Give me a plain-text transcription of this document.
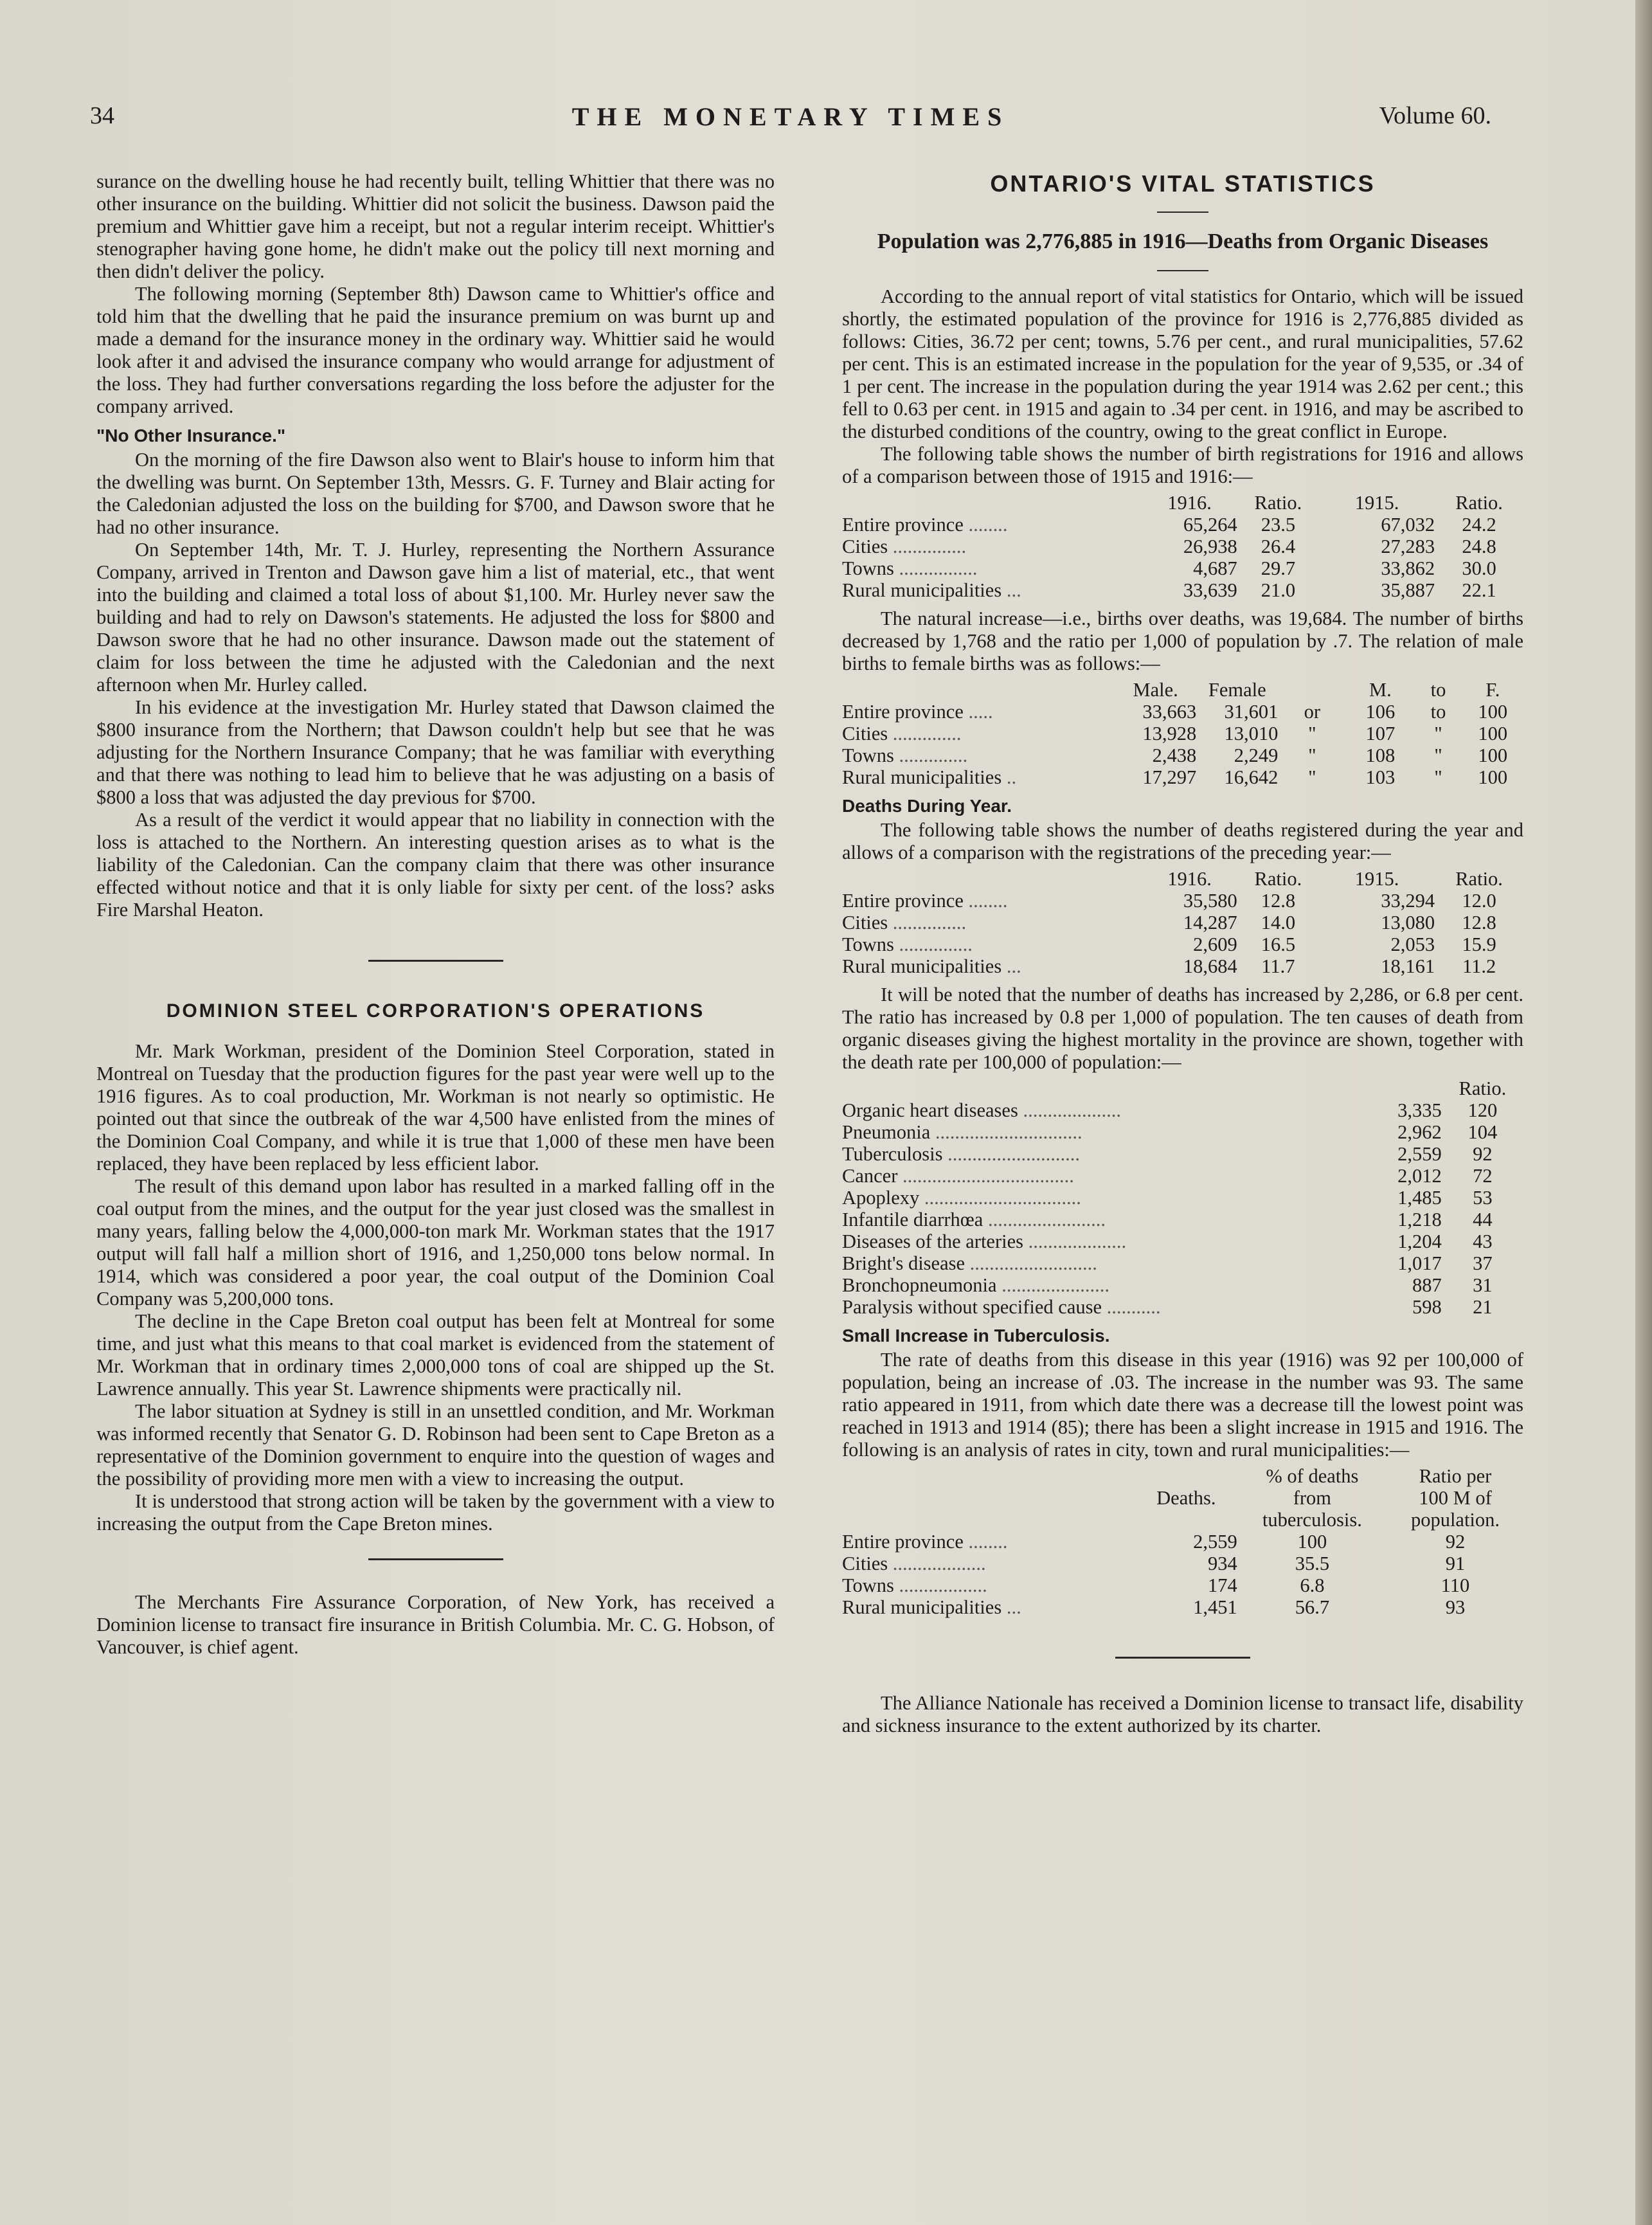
34	THE MONETARY TIMES	Volume 60.

surance on the dwelling house he had recently built, telling Whittier that there was no other insurance on the building. Whittier did not solicit the business. Dawson paid the premium and Whittier gave him a receipt, but not a regular interim receipt. Whittier's stenographer having gone home, he didn't make out the policy till next morning and then didn't deliver the policy.

The following morning (September 8th) Dawson came to Whittier's office and told him that the dwelling that he paid the insurance premium on was burnt up and made a demand for the insurance money in the ordinary way. Whittier said he would look after it and advised the insurance company who would arrange for adjustment of the loss. They had further conversations regarding the loss before the adjuster for the company arrived.

"No Other Insurance."

On the morning of the fire Dawson also went to Blair's house to inform him that the dwelling was burnt. On September 13th, Messrs. G. F. Turney and Blair acting for the Caledonian adjusted the loss on the building for $700, and Dawson swore that he had no other insurance.

On September 14th, Mr. T. J. Hurley, representing the Northern Assurance Company, arrived in Trenton and Dawson gave him a list of material, etc., that went into the building and claimed a total loss of about $1,100. Mr. Hurley never saw the building and had to rely on Dawson's statements. He adjusted the loss for $800 and Dawson swore that he had no other insurance. Dawson made out the statement of claim for loss between the time he adjusted with the Caledonian and the next afternoon when Mr. Hurley called.

In his evidence at the investigation Mr. Hurley stated that Dawson claimed the $800 insurance from the Northern; that Dawson couldn't help but see that he was adjusting for the Northern Insurance Company; that he was familiar with everything and that there was nothing to lead him to believe that he was adjusting on a basis of $800 a loss that was adjusted the day previous for $700.

As a result of the verdict it would appear that no liability in connection with the loss is attached to the Northern. An interesting question arises as to what is the liability of the Caledonian. Can the company claim that there was other insurance effected without notice and that it is only liable for sixty per cent. of the loss? asks Fire Marshal Heaton.

DOMINION STEEL CORPORATION'S OPERATIONS

Mr. Mark Workman, president of the Dominion Steel Corporation, stated in Montreal on Tuesday that the production figures for the past year were well up to the 1916 figures. As to coal production, Mr. Workman is not nearly so optimistic. He pointed out that since the outbreak of the war 4,500 have enlisted from the mines of the Dominion Coal Company, and while it is true that 1,000 of these men have been replaced, they have been replaced by less efficient labor.

The result of this demand upon labor has resulted in a marked falling off in the coal output from the mines, and the output for the year just closed was the smallest in many years, falling below the 4,000,000-ton mark Mr. Workman states that the 1917 output will fall half a million short of 1916, and 1,250,000 tons below normal. In 1914, which was considered a poor year, the coal output of the Dominion Coal Company was 5,200,000 tons.

The decline in the Cape Breton coal output has been felt at Montreal for some time, and just what this means to that coal market is evidenced from the statement of Mr. Workman that in ordinary times 2,000,000 tons of coal are shipped up the St. Lawrence annually. This year St. Lawrence shipments were practically nil.

The labor situation at Sydney is still in an unsettled condition, and Mr. Workman was informed recently that Senator G. D. Robinson had been sent to Cape Breton as a representative of the Dominion government to enquire into the question of wages and the possibility of providing more men with a view to increasing the output.

It is understood that strong action will be taken by the government with a view to increasing the output from the Cape Breton mines.

The Merchants Fire Assurance Corporation, of New York, has received a Dominion license to transact fire insurance in British Columbia. Mr. C. G. Hobson, of Vancouver, is chief agent.

ONTARIO'S VITAL STATISTICS
Population was 2,776,885 in 1916—Deaths from Organic Diseases

According to the annual report of vital statistics for Ontario, which will be issued shortly, the estimated population of the province for 1916 is 2,776,885 divided as follows: Cities, 36.72 per cent; towns, 5.76 per cent., and rural municipalities, 57.62 per cent. This is an estimated increase in the population for the year of 9,535, or .34 of 1 per cent. The increase in the population during the year 1914 was 2.62 per cent.; this fell to 0.63 per cent. in 1915 and again to .34 per cent. in 1916, and may be ascribed to the disturbed conditions of the country, owing to the great conflict in Europe.

The following table shows the number of birth registrations for 1916 and allows of a comparison between those of 1915 and 1916:—

	1916.	Ratio.	1915.	Ratio.
Entire province ........	65,264	23.5	67,032	24.2
Cities ...............	26,938	26.4	27,283	24.8
Towns ................	4,687	29.7	33,862	30.0
Rural municipalities ...	33,639	21.0	35,887	22.1

The natural increase—i.e., births over deaths, was 19,684. The number of births decreased by 1,768 and the ratio per 1,000 of population by .7. The relation of male births to female births was as follows:—

	Male.	Female		M.	to	F.
Entire province .....	33,663	31,601	or	106	to	100
Cities ..............	13,928	13,010	"	107	"	100
Towns ..............	2,438	2,249	"	108	"	100
Rural municipalities ..	17,297	16,642	"	103	"	100
Deaths During Year.

The following table shows the number of deaths registered during the year and allows of a comparison with the registrations of the preceding year:—

	1916.	Ratio.	1915.	Ratio.
Entire province ........	35,580	12.8	33,294	12.0
Cities ...............	14,287	14.0	13,080	12.8
Towns ...............	2,609	16.5	2,053	15.9
Rural municipalities ...	18,684	11.7	18,161	11.2

It will be noted that the number of deaths has increased by 2,286, or 6.8 per cent. The ratio has increased by 0.8 per 1,000 of population. The ten causes of death from organic diseases giving the highest mortality in the province are shown, together with the death rate per 100,000 of population:—

		Ratio.
Organic heart diseases ....................	3,335	120
Pneumonia ..............................	2,962	104
Tuberculosis ...........................	2,559	92
Cancer ...................................	2,012	72
Apoplexy ................................	1,485	53
Infantile diarrhœa ........................	1,218	44
Diseases of the arteries ....................	1,204	43
Bright's disease ..........................	1,017	37
Bronchopneumonia ......................	887	31
Paralysis without specified cause ...........	598	21
Small Increase in Tuberculosis.

The rate of deaths from this disease in this year (1916) was 92 per 100,000 of population, being an increase of .03. The increase in the number was 93. The same ratio appeared in 1911, from which date there was a decrease till the lowest point was reached in 1913 and 1914 (85); there has been a slight increase in 1915 and 1916. The following is an analysis of rates in city, town and rural municipalities:—

		% of deaths	Ratio per
	Deaths.	from	100 M of
		tuberculosis.	population.
Entire province ........	2,559	100	92
Cities ...................	934	35.5	91
Towns ..................	174	6.8	110
Rural municipalities ...	1,451	56.7	93

The Alliance Nationale has received a Dominion license to transact life, disability and sickness insurance to the extent authorized by its charter.
